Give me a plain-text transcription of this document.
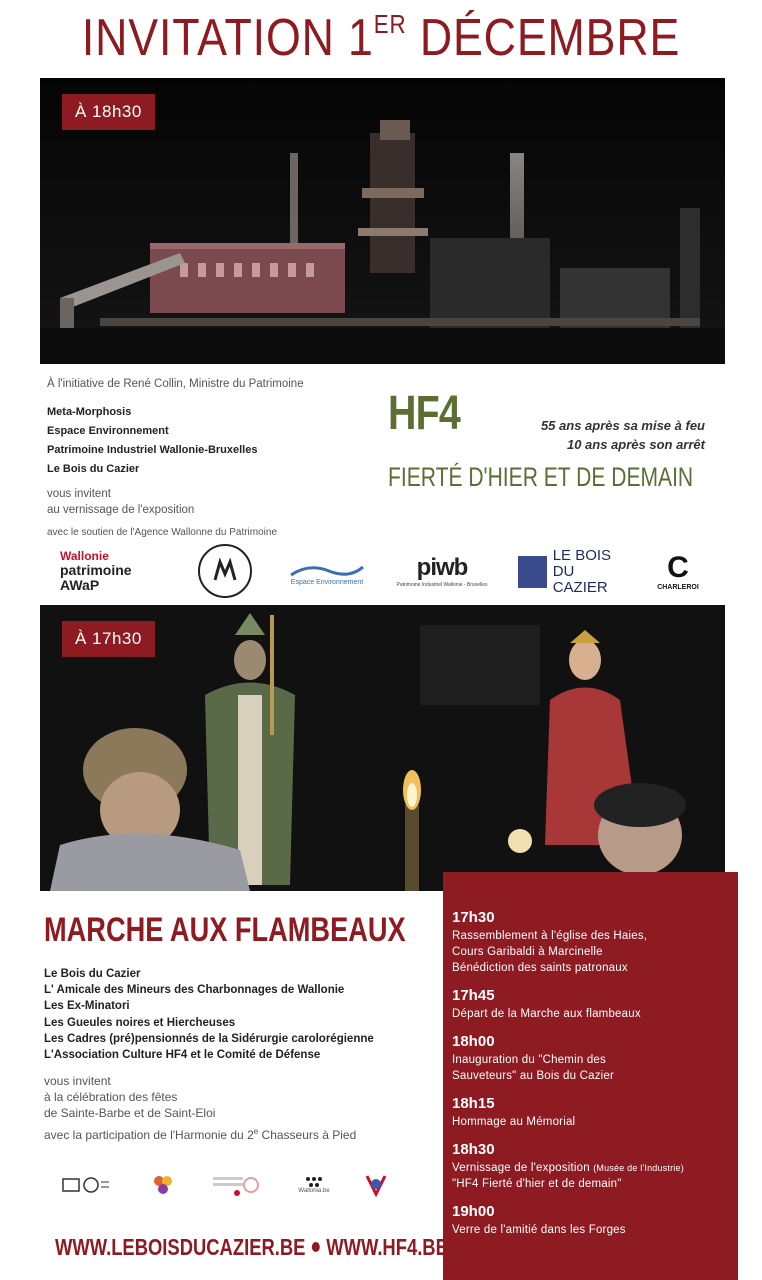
INVITATION 1ER DÉCEMBRE
À 18h30
À l'initiative de René Collin, Ministre du Patrimoine
Meta-Morphosis
Espace Environnement
Patrimoine Industriel Wallonie-Bruxelles
Le Bois du Cazier
vous invitent
au vernissage de l'exposition
avec le soutien de l'Agence Wallonne du Patrimoine
HF4	55 ans après sa mise à feu
10 ans après son arrêt
FIERTÉ D'HIER ET DE DEMAIN
Wallonie
patrimoine
AWaP	Espace Environnement
piwb
Patrimoine Industriel Wallonie - Bruxelles
LE BOIS
DU CAZIER
C
CHARLEROI
À 17h30
17h30
Rassemblement à l'église des Haies,
Cours Garibaldi à Marcinelle
Bénédiction des saints patronaux
17h45
Départ de la Marche aux flambeaux
18h00
Inauguration du "Chemin des
Sauveteurs" au Bois du Cazier
18h15
Hommage au Mémorial
18h30
Vernissage de l'exposition (Musée de l'Industrie)
"HF4 Fierté d'hier et de demain"
19h00
Verre de l'amitié dans les Forges
MARCHE AUX FLAMBEAUX
Le Bois du Cazier
L' Amicale des Mineurs des Charbonnages de Wallonie
Les Ex-Minatori
Les Gueules noires et Hiercheuses
Les Cadres (pré)pensionnés de la Sidérurgie carolorégienne
L'Association Culture HF4 et le Comité de Défense
vous invitent
à la célébration des fêtes
de Sainte-Barbe et de Saint-Eloi
avec la participation de l'Harmonie du 2e Chasseurs à Pied
Wallonia.be
WWW.LEBOISDUCAZIER.BE WWW.HF4.BE
